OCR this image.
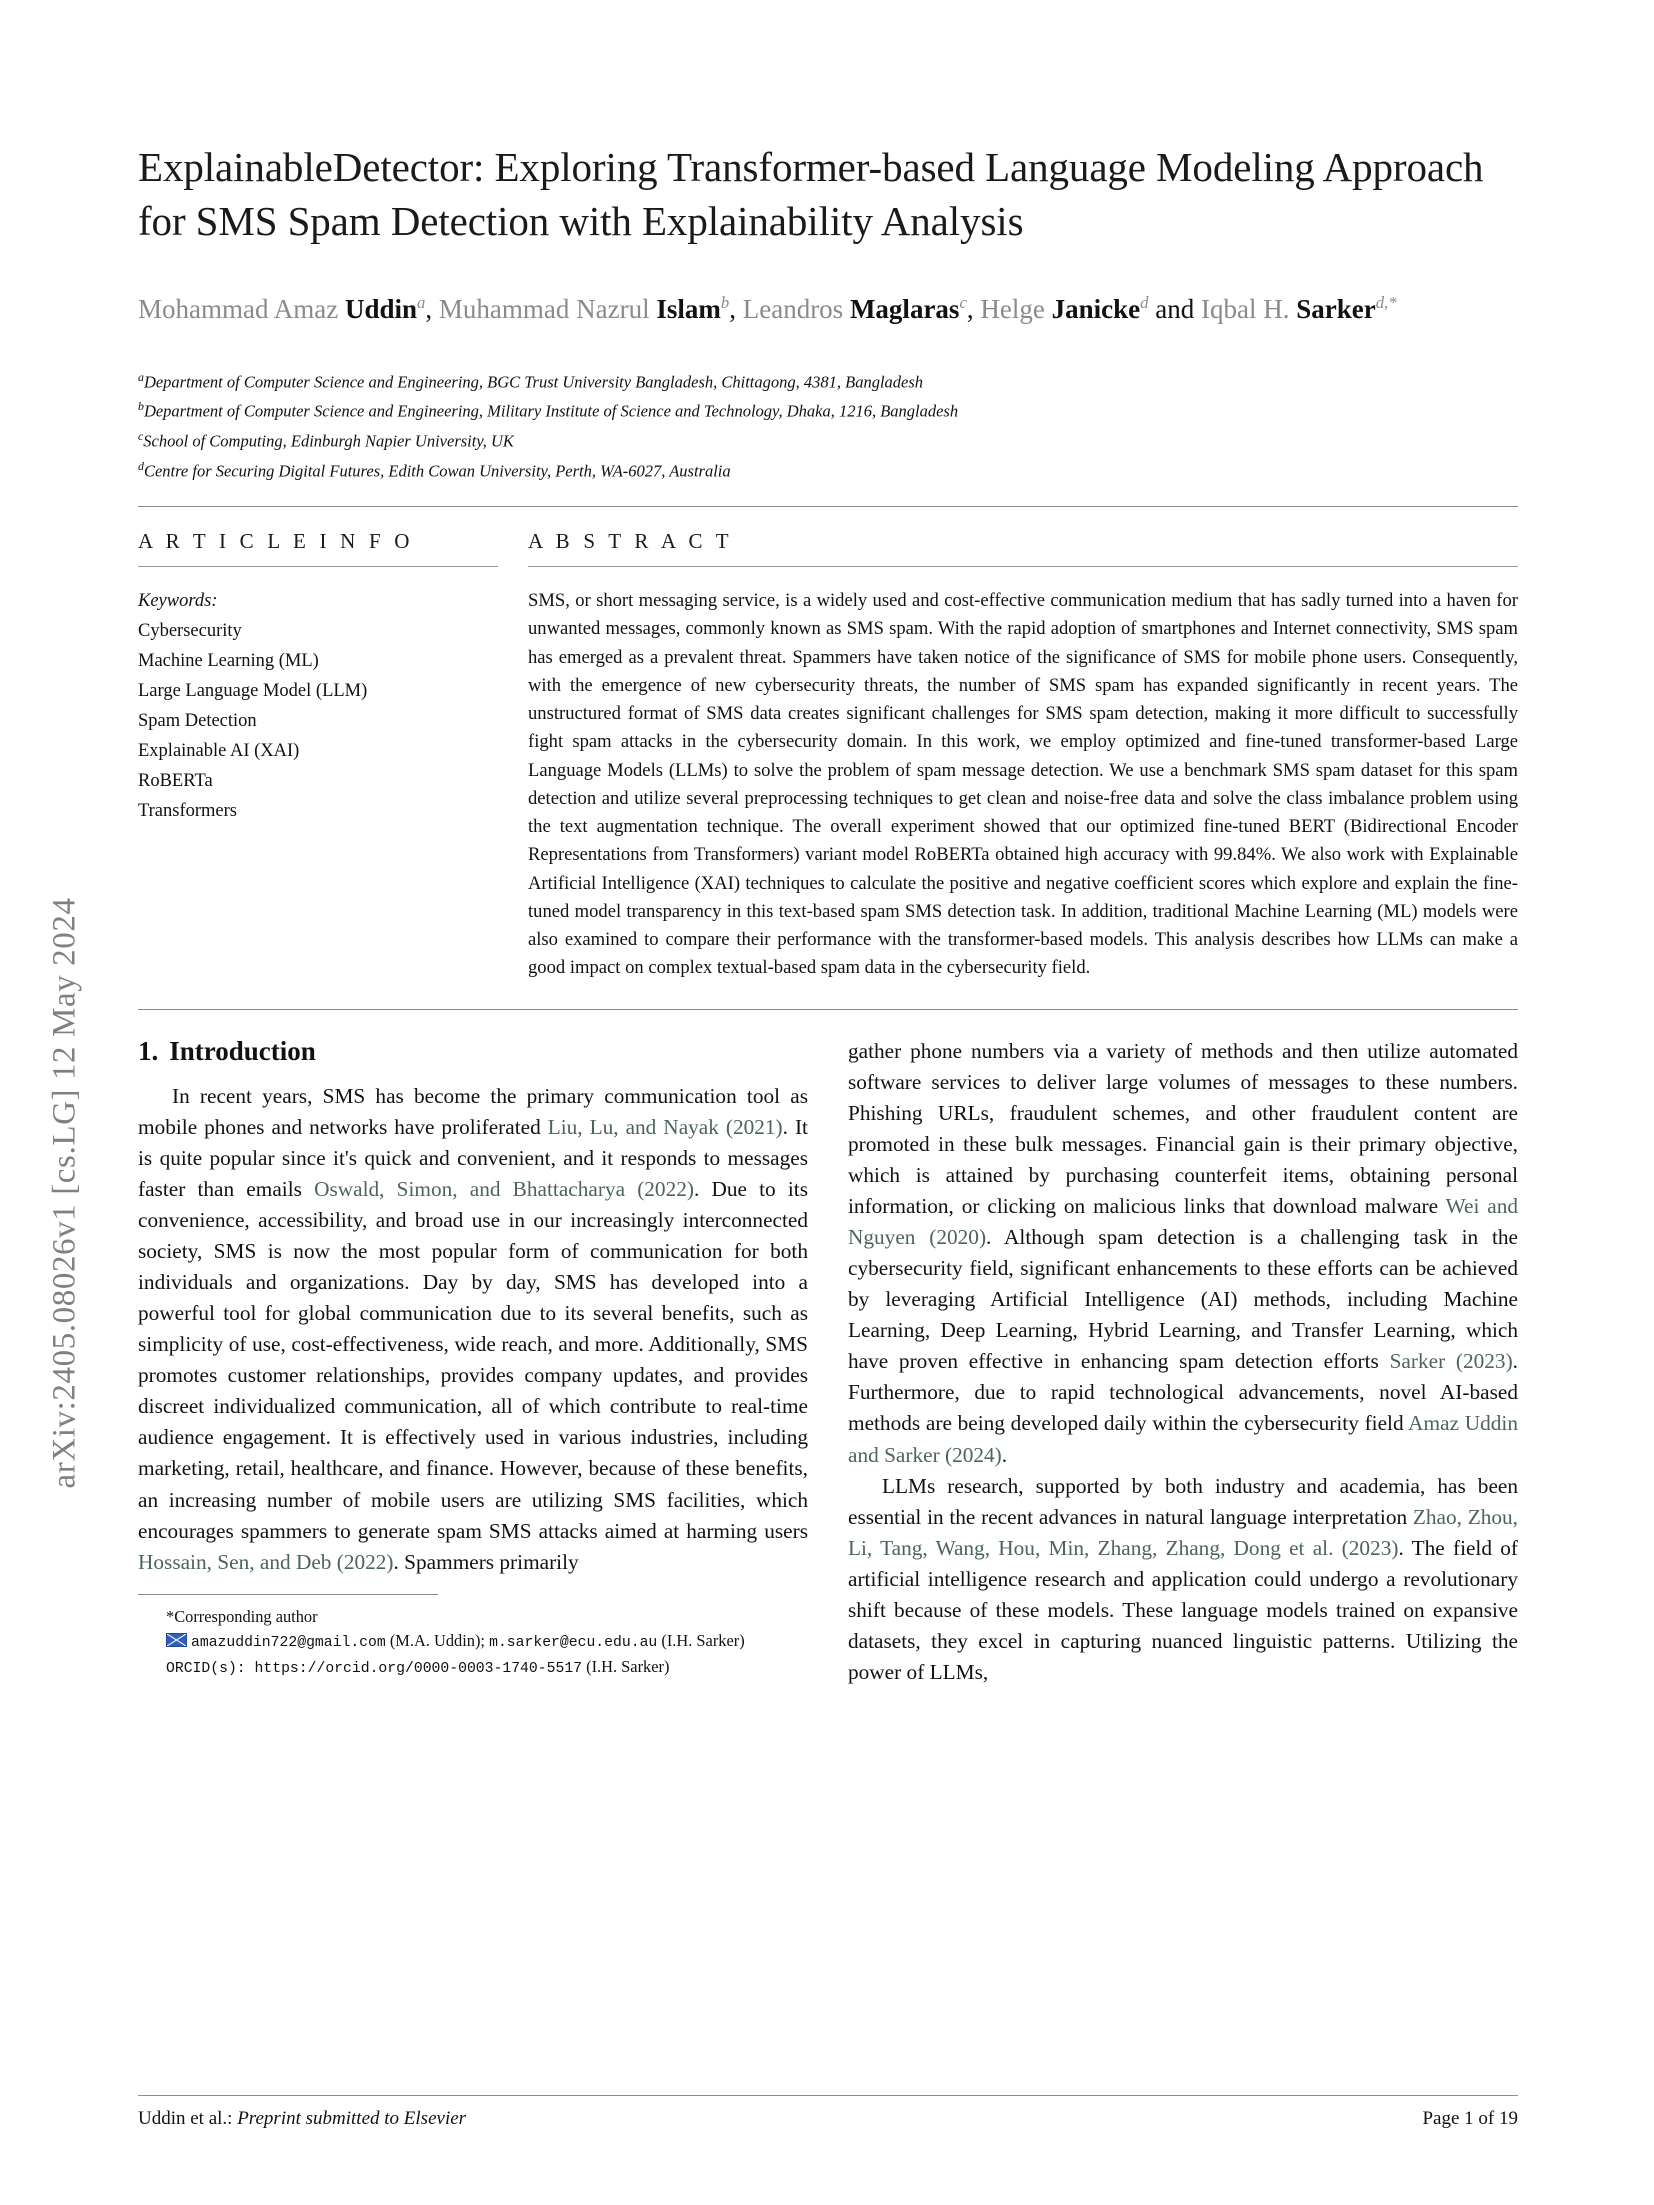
arXiv:2405.08026v1 [cs.LG] 12 May 2024
ExplainableDetector: Exploring Transformer-based Language Modeling Approach for SMS Spam Detection with Explainability Analysis
Mohammad Amaz Uddin$^a$, Muhammad Nazrul Islam$^b$, Leandros Maglaras$^c$, Helge Janicke$^d$ and Iqbal H. Sarker$^{d,*}$
$^a$Department of Computer Science and Engineering, BGC Trust University Bangladesh, Chittagong, 4381, Bangladesh
$^b$Department of Computer Science and Engineering, Military Institute of Science and Technology, Dhaka, 1216, Bangladesh
$^c$School of Computing, Edinburgh Napier University, UK
$^d$Centre for Securing Digital Futures, Edith Cowan University, Perth, WA-6027, Australia
A R T I C L E I N F O
Keywords:
Cybersecurity
Machine Learning (ML)
Large Language Model (LLM)
Spam Detection
Explainable AI (XAI)
RoBERTa
Transformers
A B S T R A C T
SMS, or short messaging service, is a widely used and cost-effective communication medium that has sadly turned into a haven for unwanted messages, commonly known as SMS spam. With the rapid adoption of smartphones and Internet connectivity, SMS spam has emerged as a prevalent threat. Spammers have taken notice of the significance of SMS for mobile phone users. Consequently, with the emergence of new cybersecurity threats, the number of SMS spam has expanded significantly in recent years. The unstructured format of SMS data creates significant challenges for SMS spam detection, making it more difficult to successfully fight spam attacks in the cybersecurity domain. In this work, we employ optimized and fine-tuned transformer-based Large Language Models (LLMs) to solve the problem of spam message detection. We use a benchmark SMS spam dataset for this spam detection and utilize several preprocessing techniques to get clean and noise-free data and solve the class imbalance problem using the text augmentation technique. The overall experiment showed that our optimized fine-tuned BERT (Bidirectional Encoder Representations from Transformers) variant model RoBERTa obtained high accuracy with 99.84%. We also work with Explainable Artificial Intelligence (XAI) techniques to calculate the positive and negative coefficient scores which explore and explain the fine-tuned model transparency in this text-based spam SMS detection task. In addition, traditional Machine Learning (ML) models were also examined to compare their performance with the transformer-based models. This analysis describes how LLMs can make a good impact on complex textual-based spam data in the cybersecurity field.
1. Introduction

In recent years, SMS has become the primary communication tool as mobile phones and networks have proliferated Liu, Lu, and Nayak (2021). It is quite popular since it's quick and convenient, and it responds to messages faster than emails Oswald, Simon, and Bhattacharya (2022). Due to its convenience, accessibility, and broad use in our increasingly interconnected society, SMS is now the most popular form of communication for both individuals and organizations. Day by day, SMS has developed into a powerful tool for global communication due to its several benefits, such as simplicity of use, cost-effectiveness, wide reach, and more. Additionally, SMS promotes customer relationships, provides company updates, and provides discreet individualized communication, all of which contribute to real-time audience engagement. It is effectively used in various industries, including marketing, retail, healthcare, and finance. However, because of these benefits, an increasing number of mobile users are utilizing SMS facilities, which encourages spammers to generate spam SMS attacks aimed at harming users Hossain, Sen, and Deb (2022). Spammers primarily

*Corresponding author
amazuddin722@gmail.com (M.A. Uddin); m.sarker@ecu.edu.au (I.H. Sarker)
ORCID(s): https://orcid.org/0000-0003-1740-5517 (I.H. Sarker)

gather phone numbers via a variety of methods and then utilize automated software services to deliver large volumes of messages to these numbers. Phishing URLs, fraudulent schemes, and other fraudulent content are promoted in these bulk messages. Financial gain is their primary objective, which is attained by purchasing counterfeit items, obtaining personal information, or clicking on malicious links that download malware Wei and Nguyen (2020). Although spam detection is a challenging task in the cybersecurity field, significant enhancements to these efforts can be achieved by leveraging Artificial Intelligence (AI) methods, including Machine Learning, Deep Learning, Hybrid Learning, and Transfer Learning, which have proven effective in enhancing spam detection efforts Sarker (2023). Furthermore, due to rapid technological advancements, novel AI-based methods are being developed daily within the cybersecurity field Amaz Uddin and Sarker (2024).

LLMs research, supported by both industry and academia, has been essential in the recent advances in natural language interpretation Zhao, Zhou, Li, Tang, Wang, Hou, Min, Zhang, Zhang, Dong et al. (2023). The field of artificial intelligence research and application could undergo a revolutionary shift because of these models. These language models trained on expansive datasets, they excel in capturing nuanced linguistic patterns. Utilizing the power of LLMs,

Uddin et al.: Preprint submitted to Elsevier	Page 1 of 19
